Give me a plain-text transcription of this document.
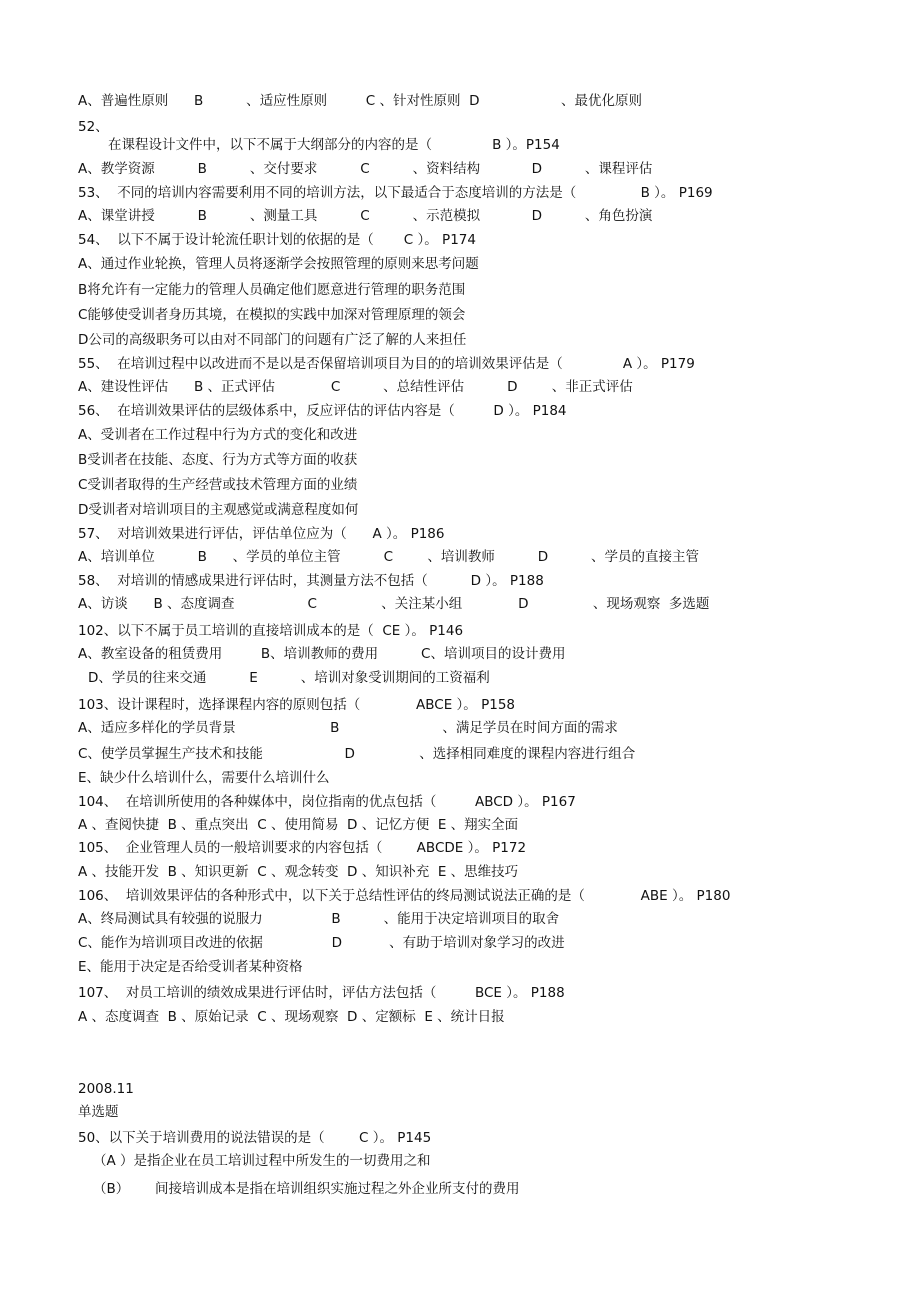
A、普遍性原则      B          、适应性原则         C 、针对性原则  D                   、最优化原则
52、
在课程设计文件中，以下不属于大纲部分的内容的是（              B ）。P154
A、教学资源          B          、交付要求          C          、资料结构            D          、课程评估
53、  不同的培训内容需要利用不同的培训方法，以下最适合于态度培训的方法是（               B ）。 P169
A、课堂讲授          B          、测量工具          C          、示范模拟            D          、角色扮演
54、  以下不属于设计轮流任职计划的依据的是（       C ）。 P174
A、通过作业轮换，管理人员将逐渐学会按照管理的原则来思考问题
B将允许有一定能力的管理人员确定他们愿意进行管理的职务范围
C能够使受训者身历其境，在模拟的实践中加深对管理原理的领会
D公司的高级职务可以由对不同部门的问题有广泛了解的人来担任
55、  在培训过程中以改进而不是以是否保留培训项目为目的的培训效果评估是（              A ）。 P179
A、建设性评估      B 、正式评估             C          、总结性评估          D        、非正式评估
56、  在培训效果评估的层级体系中，反应评估的评估内容是（         D ）。 P184
A、受训者在工作过程中行为方式的变化和改进
B受训者在技能、态度、行为方式等方面的收获
C受训者取得的生产经营或技术管理方面的业绩
D受训者对培训项目的主观感觉或满意程度如何
57、  对培训效果进行评估，评估单位应为（      A ）。 P186
A、培训单位          B      、学员的单位主管          C        、培训教师          D          、学员的直接主管
58、  对培训的情感成果进行评估时，其测量方法不包括（          D ）。 P188
A、访谈      B 、态度调查                 C               、关注某小组             D               、现场观察  多选题
102、以下不属于员工培训的直接培训成本的是（  CE ）。 P146
A、教室设备的租赁费用         B、培训教师的费用          C、培训项目的设计费用
D、学员的往来交通          E          、培训对象受训期间的工资福利
103、设计课程时，选择课程内容的原则包括（             ABCE ）。 P158
A、适应多样化的学员背景                      B                        、满足学员在时间方面的需求
C、使学员掌握生产技术和技能                   D               、选择相同难度的课程内容进行组合
E、缺少什么培训什么，需要什么培训什么
104、  在培训所使用的各种媒体中，岗位指南的优点包括（         ABCD ）。 P167
A 、查阅快捷  B 、重点突出  C 、使用简易  D 、记忆方便  E 、翔实全面
105、  企业管理人员的一般培训要求的内容包括（        ABCDE ）。 P172
A 、技能开发  B 、知识更新  C 、观念转变  D 、知识补充  E 、思维技巧
106、  培训效果评估的各种形式中，以下关于总结性评估的终局测试说法正确的是（             ABE ）。 P180
A、终局测试具有较强的说服力                B          、能用于决定培训项目的取舍
C、能作为培训项目改进的依据                D           、有助于培训对象学习的改进
E、能用于决定是否给受训者某种资格
107、  对员工培训的绩效成果进行评估时，评估方法包括（         BCE ）。 P188
A 、态度调查  B 、原始记录  C 、现场观察  D 、定额标  E 、统计日报
2008.11
单选题
50、以下关于培训费用的说法错误的是（        C ）。 P145
（A ）是指企业在员工培训过程中所发生的一切费用之和
（B）      间接培训成本是指在培训组织实施过程之外企业所支付的费用
